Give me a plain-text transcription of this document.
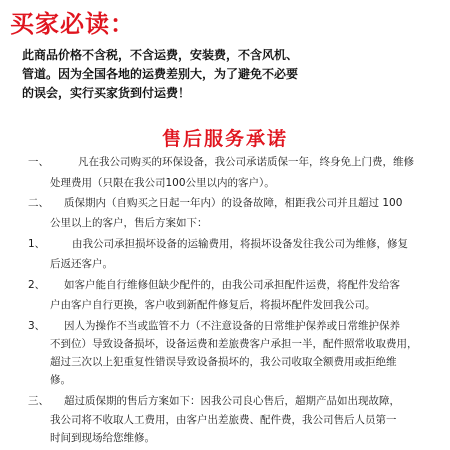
买家必读：
此商品价格不含税，不含运费，安装费，不含风机、
管道。因为全国各地的运费差别大，为了避免不必要
的误会，实行买家货到付运费！
售后服务承诺
一、	凡在我公司购买的环保设备，我公司承诺质保一年，终身免上门费，维修
处理费用（只限在我公司100公里以内的客户）。
二、 质保期内（自购买之日起一年内）的设备故障，相距我公司并且超过 100
公里以上的客户，售后方案如下：
1、	由我公司承担损坏设备的运输费用，将损坏设备发往我公司为维修，修复
后返还客户。
2、 如客户能自行维修但缺少配件的，由我公司承担配件运费，将配件发给客
户由客户自行更换，客户收到新配件修复后，将损坏配件发回我公司。
3、 因人为操作不当或监管不力（不注意设备的日常维护保养或日常维护保养
不到位）导致设备损坏，设备运费和差旅费客户承担一半，配件照常收取费用，
超过三次以上犯重复性错误导致设备损坏的，我公司收取全额费用或拒绝维
修。
三、 超过质保期的售后方案如下：因我公司良心售后，超期产品如出现故障，
我公司将不收取人工费用，由客户出差旅费、配件费，我公司售后人员第一
时间到现场给您维修。
